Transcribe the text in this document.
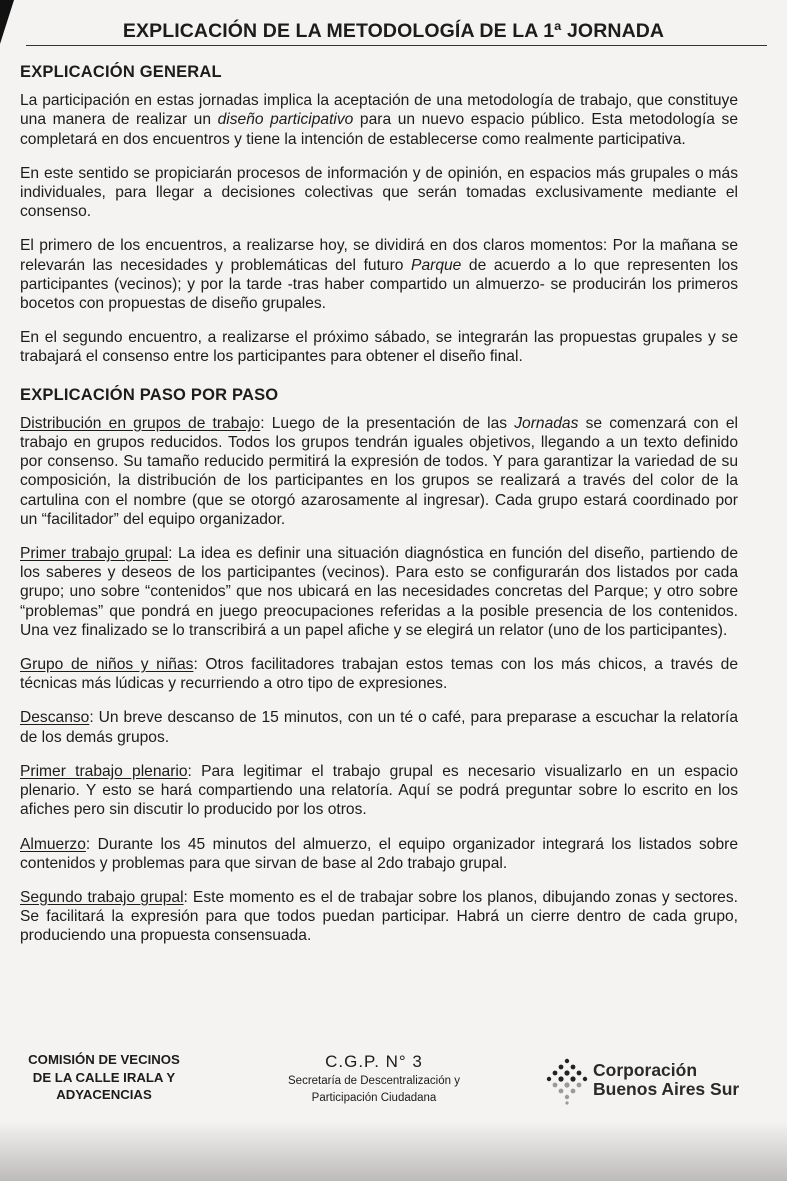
EXPLICACIÓN DE LA METODOLOGÍA DE LA 1ª JORNADA
EXPLICACIÓN GENERAL

La participación en estas jornadas implica la aceptación de una metodología de trabajo, que constituye una manera de realizar un diseño participativo para un nuevo espacio público. Esta metodología se completará en dos encuentros y tiene la intención de establecerse como realmente participativa.

En este sentido se propiciarán procesos de información y de opinión, en espacios más grupales o más individuales, para llegar a decisiones colectivas que serán tomadas exclusivamente mediante el consenso.

El primero de los encuentros, a realizarse hoy, se dividirá en dos claros momentos: Por la mañana se relevarán las necesidades y problemáticas del futuro Parque de acuerdo a lo que representen los participantes (vecinos); y por la tarde -tras haber compartido un almuerzo- se producirán los primeros bocetos con propuestas de diseño grupales.

En el segundo encuentro, a realizarse el próximo sábado, se integrarán las propuestas grupales y se trabajará el consenso entre los participantes para obtener el diseño final.

EXPLICACIÓN PASO POR PASO

Distribución en grupos de trabajo: Luego de la presentación de las Jornadas se comenzará con el trabajo en grupos reducidos. Todos los grupos tendrán iguales objetivos, llegando a un texto definido por consenso. Su tamaño reducido permitirá la expresión de todos. Y para garantizar la variedad de su composición, la distribución de los participantes en los grupos se realizará a través del color de la cartulina con el nombre (que se otorgó azarosamente al ingresar). Cada grupo estará coordinado por un “facilitador” del equipo organizador.

Primer trabajo grupal: La idea es definir una situación diagnóstica en función del diseño, partiendo de los saberes y deseos de los participantes (vecinos). Para esto se configurarán dos listados por cada grupo; uno sobre “contenidos” que nos ubicará en las necesidades concretas del Parque; y otro sobre “problemas” que pondrá en juego preocupaciones referidas a la posible presencia de los contenidos. Una vez finalizado se lo transcribirá a un papel afiche y se elegirá un relator (uno de los participantes).

Grupo de niños y niñas: Otros facilitadores trabajan estos temas con los más chicos, a través de técnicas más lúdicas y recurriendo a otro tipo de expresiones.

Descanso: Un breve descanso de 15 minutos, con un té o café, para preparase a escuchar la relatoría de los demás grupos.

Primer trabajo plenario: Para legitimar el trabajo grupal es necesario visualizarlo en un espacio plenario. Y esto se hará compartiendo una relatoría. Aquí se podrá preguntar sobre lo escrito en los afiches pero sin discutir lo producido por los otros.

Almuerzo: Durante los 45 minutos del almuerzo, el equipo organizador integrará los listados sobre contenidos y problemas para que sirvan de base al 2do trabajo grupal.

Segundo trabajo grupal: Este momento es el de trabajar sobre los planos, dibujando zonas y sectores. Se facilitará la expresión para que todos puedan participar. Habrá un cierre dentro de cada grupo, produciendo una propuesta consensuada.

COMISIÓN DE VECINOS
DE LA CALLE IRALA Y
ADYACENCIAS
C.G.P. N° 3
Secretaría de Descentralización y
Participación Ciudadana
Corporación
Buenos Aires Sur
